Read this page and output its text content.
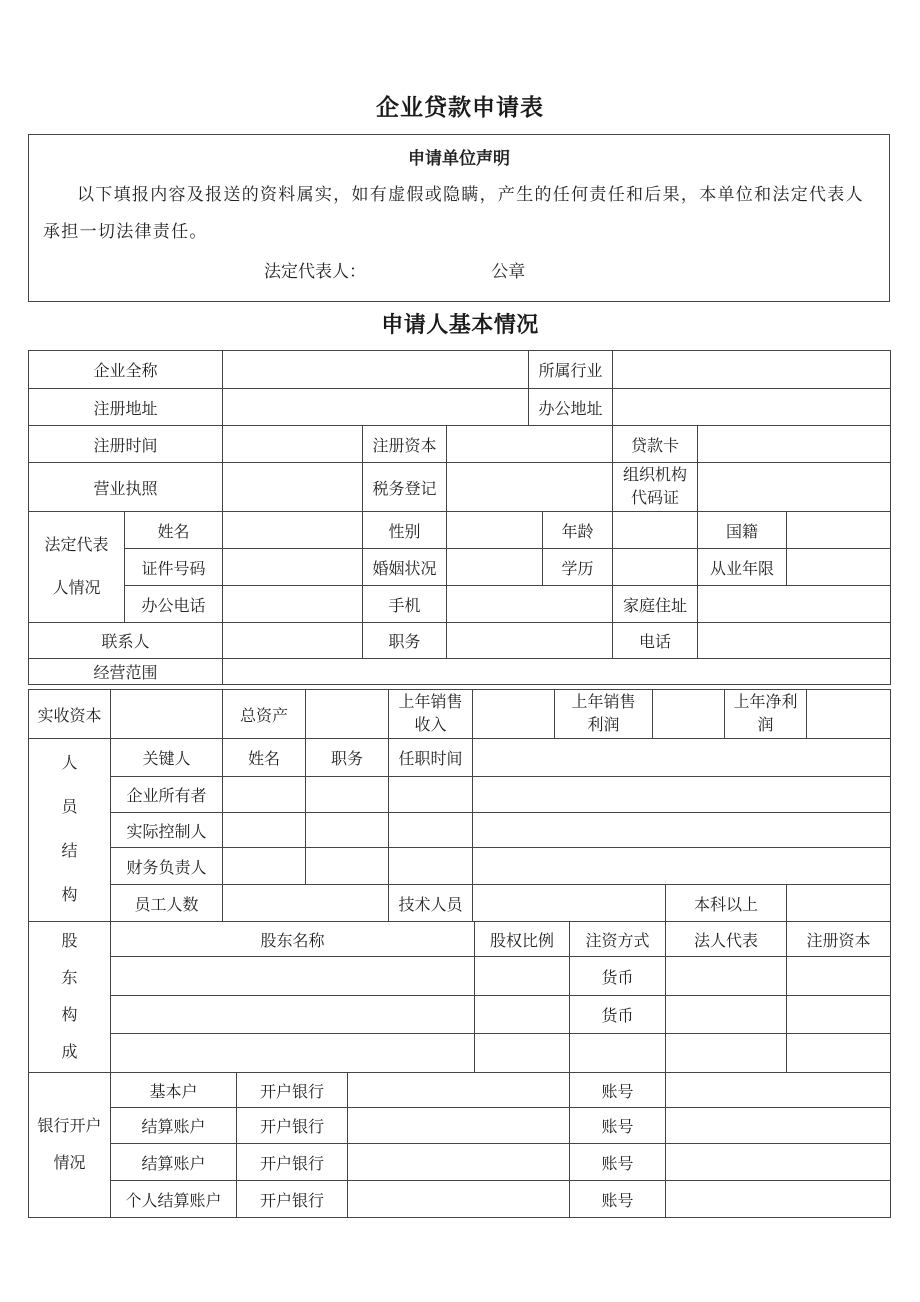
企业贷款申请表
申请单位声明

以下填报内容及报送的资料属实，如有虚假或隐瞒，产生的任何责任和后果，本单位和法定代表人
承担一切法律责任。

法定代表人：	公章
申请人基本情况
企业全称		所属行业	
注册地址		办公地址	
注册时间		注册资本		贷款卡	
营业执照		税务登记		组织机构代码证	
法定代表人情况	姓名		性别		年龄		国籍	
	证件号码		婚姻状况		学历		从业年限	
	办公电话		手机			家庭住址		
联系人			职务			电话		
经营范围								
实收资本		总资产		上年销售收入		上年销售利润		上年净利润	
人员结构	关键人	姓名	职务	任职时间			
	企业所有者						
	实际控制人						
	财务负责人						
	员工人数			技术人员		本科以上	
股东构成	股东名称	股权比例	注资方式	法人代表	注册资本
			货币		
			货币		

银行开户情况	基本户	开户银行		账号	
	结算账户	开户银行		账号	
	结算账户	开户银行		账号	
	个人结算账户	开户银行		账号	
